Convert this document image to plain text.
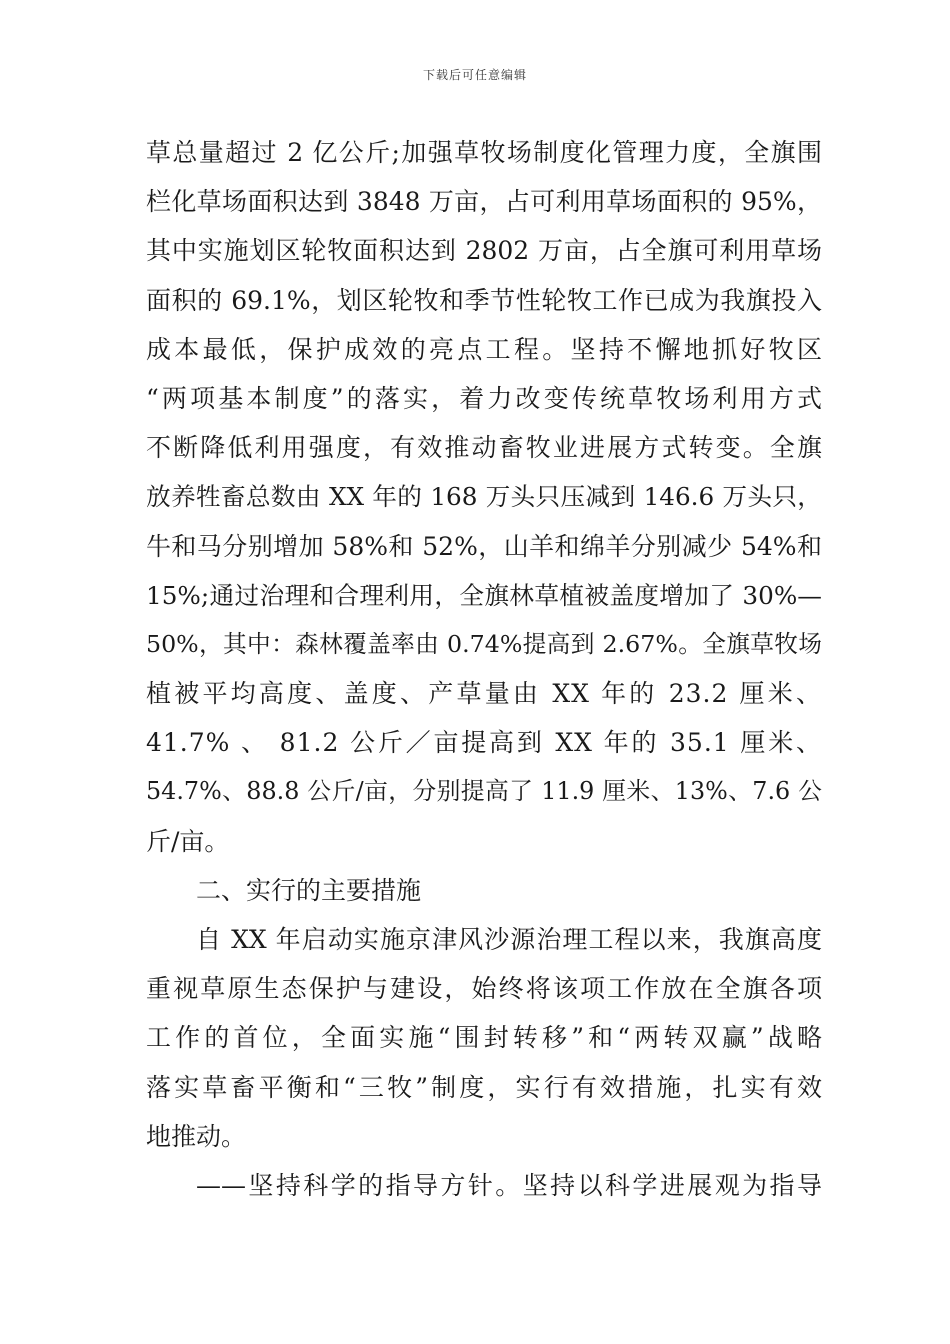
下载后可任意编辑
草总量超过 2 亿公斤;加强草牧场制度化管理力度，全旗围
栏化草场面积达到 3848 万亩，占可利用草场面积的 95%，
其中实施划区轮牧面积达到 2802 万亩，占全旗可利用草场
面积的 69.1%，划区轮牧和季节性轮牧工作已成为我旗投入
成本最低，保护成效的亮点工程。坚持不懈地抓好牧区
“两项基本制度”的落实，着力改变传统草牧场利用方式
不断降低利用强度，有效推动畜牧业进展方式转变。全旗
放养牲畜总数由 XX 年的 168 万头只压减到 146.6 万头只，
牛和马分别增加 58%和 52%，山羊和绵羊分别减少 54%和
15%;通过治理和合理利用，全旗林草植被盖度增加了 30%—
50%，其中：森林覆盖率由 0.74%提高到 2.67%。全旗草牧场
植被平均高度、盖度、产草量由 XX 年的 23.2 厘米、
41.7% 、 81.2 公斤／亩提高到 XX 年的 35.1 厘米、
54.7%、88.8 公斤/亩，分别提高了 11.9 厘米、13%、7.6 公
斤/亩。
二、实行的主要措施
自 XX 年启动实施京津风沙源治理工程以来，我旗高度
重视草原生态保护与建设，始终将该项工作放在全旗各项
工作的首位，全面实施“围封转移”和“两转双赢”战略
落实草畜平衡和“三牧”制度，实行有效措施，扎实有效
地推动。
——坚持科学的指导方针。坚持以科学进展观为指导
